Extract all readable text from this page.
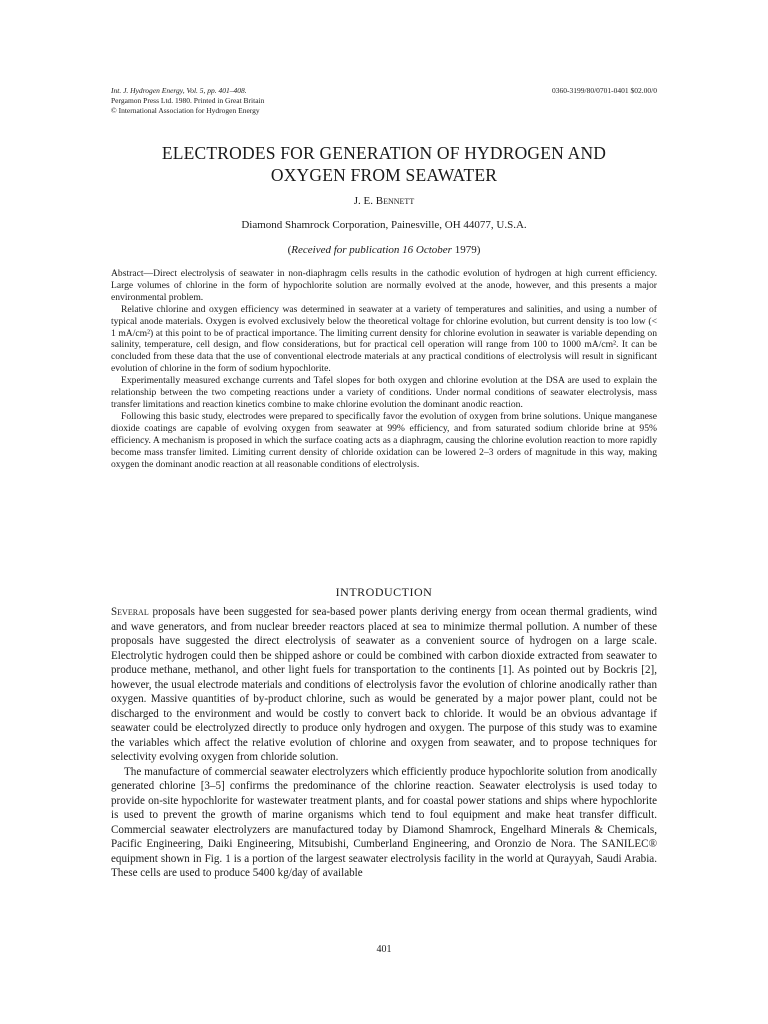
Int. J. Hydrogen Energy, Vol. 5, pp. 401–408.
Pergamon Press Ltd. 1980. Printed in Great Britain
© International Association for Hydrogen Energy
0360-3199/80/0701-0401 $02.00/0
ELECTRODES FOR GENERATION OF HYDROGEN AND
OXYGEN FROM SEAWATER
J. E. Bennett
Diamond Shamrock Corporation, Painesville, OH 44077, U.S.A.
(Received for publication 16 October 1979)

Abstract—Direct electrolysis of seawater in non-diaphragm cells results in the cathodic evolution of hydrogen at high current efficiency. Large volumes of chlorine in the form of hypochlorite solution are normally evolved at the anode, however, and this presents a major environmental problem.

Relative chlorine and oxygen efficiency was determined in seawater at a variety of temperatures and salinities, and using a number of typical anode materials. Oxygen is evolved exclusively below the theoretical voltage for chlorine evolution, but current density is too low (< 1 mA/cm²) at this point to be of practical importance. The limiting current density for chlorine evolution in seawater is variable depending on salinity, temperature, cell design, and flow considerations, but for practical cell operation will range from 100 to 1000 mA/cm². It can be concluded from these data that the use of conventional electrode materials at any practical conditions of electrolysis will result in significant evolution of chlorine in the form of sodium hypochlorite.

Experimentally measured exchange currents and Tafel slopes for both oxygen and chlorine evolution at the DSA are used to explain the relationship between the two competing reactions under a variety of conditions. Under normal conditions of seawater electrolysis, mass transfer limitations and reaction kinetics combine to make chlorine evolution the dominant anodic reaction.

Following this basic study, electrodes were prepared to specifically favor the evolution of oxygen from brine solutions. Unique manganese dioxide coatings are capable of evolving oxygen from seawater at 99% efficiency, and from saturated sodium chloride brine at 95% efficiency. A mechanism is proposed in which the surface coating acts as a diaphragm, causing the chlorine evolution reaction to more rapidly become mass transfer limited. Limiting current density of chloride oxidation can be lowered 2–3 orders of magnitude in this way, making oxygen the dominant anodic reaction at all reasonable conditions of electrolysis.

INTRODUCTION

Several proposals have been suggested for sea-based power plants deriving energy from ocean thermal gradients, wind and wave generators, and from nuclear breeder reactors placed at sea to minimize thermal pollution. A number of these proposals have suggested the direct electrolysis of seawater as a convenient source of hydrogen on a large scale. Electrolytic hydrogen could then be shipped ashore or could be combined with carbon dioxide extracted from seawater to produce methane, methanol, and other light fuels for transportation to the continents [1]. As pointed out by Bockris [2], however, the usual electrode materials and conditions of electrolysis favor the evolution of chlorine anodically rather than oxygen. Massive quantities of by-product chlorine, such as would be generated by a major power plant, could not be discharged to the environment and would be costly to convert back to chloride. It would be an obvious advantage if seawater could be electrolyzed directly to produce only hydrogen and oxygen. The purpose of this study was to examine the variables which affect the relative evolution of chlorine and oxygen from seawater, and to propose techniques for selectivity evolving oxygen from chloride solution.

The manufacture of commercial seawater electrolyzers which efficiently produce hypochlorite solution from anodically generated chlorine [3–5] confirms the predominance of the chlorine reaction. Seawater electrolysis is used today to provide on-site hypochlorite for wastewater treatment plants, and for coastal power stations and ships where hypochlorite is used to prevent the growth of marine organisms which tend to foul equipment and make heat transfer difficult. Commercial seawater electrolyzers are manufactured today by Diamond Shamrock, Engelhard Minerals & Chemicals, Pacific Engineering, Daiki Engineering, Mitsubishi, Cumberland Engineering, and Oronzio de Nora. The SANILEC® equipment shown in Fig. 1 is a portion of the largest seawater electrolysis facility in the world at Qurayyah, Saudi Arabia. These cells are used to produce 5400 kg/day of available

401
